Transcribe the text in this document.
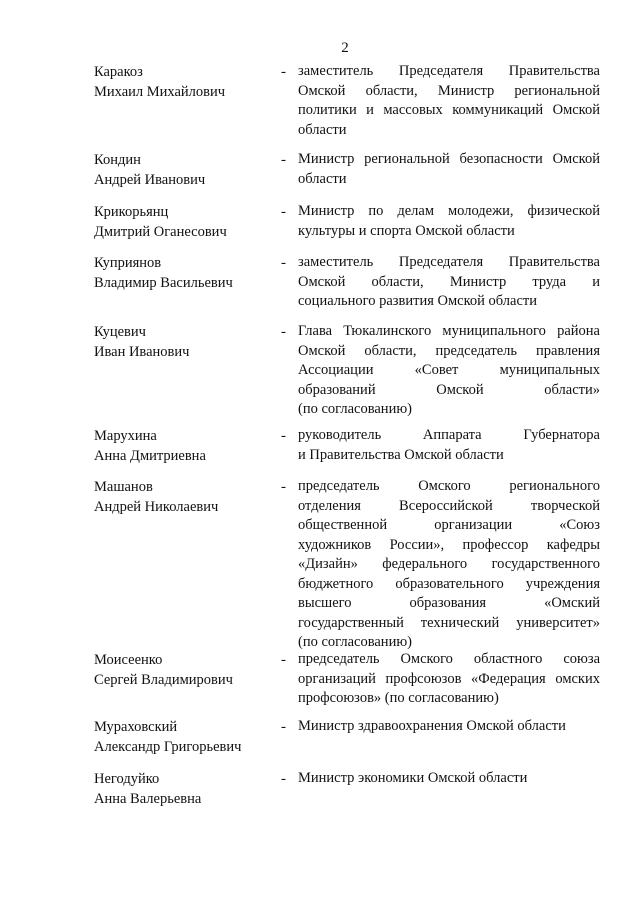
2
Каракоз
Михаил Михайлович
- заместитель Председателя Правительства
Омской области, Министр региональной
политики и массовых коммуникаций Омской
области
Кондин
Андрей Иванович
- Министр региональной безопасности Омской
области
Крикорьянц
Дмитрий Оганесович
- Министр по делам молодежи, физической
культуры и спорта Омской области
Куприянов
Владимир Васильевич
- заместитель Председателя Правительства
Омской области, Министр труда и
социального развития Омской области
Куцевич
Иван Иванович
- Глава Тюкалинского муниципального района
Омской области, председатель правления
Ассоциации «Совет муниципальных
образований Омской области»
(по согласованию)
Марухина
Анна Дмитриевна
- руководитель Аппарата Губернатора
и Правительства Омской области
Машанов
Андрей Николаевич
- председатель Омского регионального
отделения Всероссийской творческой
общественной организации «Союз
художников России», профессор кафедры
«Дизайн» федерального государственного
бюджетного образовательного учреждения
высшего образования «Омский
государственный технический университет»
(по согласованию)
Моисеенко
Сергей Владимирович
- председатель Омского областного союза
организаций профсоюзов «Федерация омских
профсоюзов» (по согласованию)
Мураховский
Александр Григорьевич
- Министр здравоохранения Омской области
Негодуйко
Анна Валерьевна
- Министр экономики Омской области
